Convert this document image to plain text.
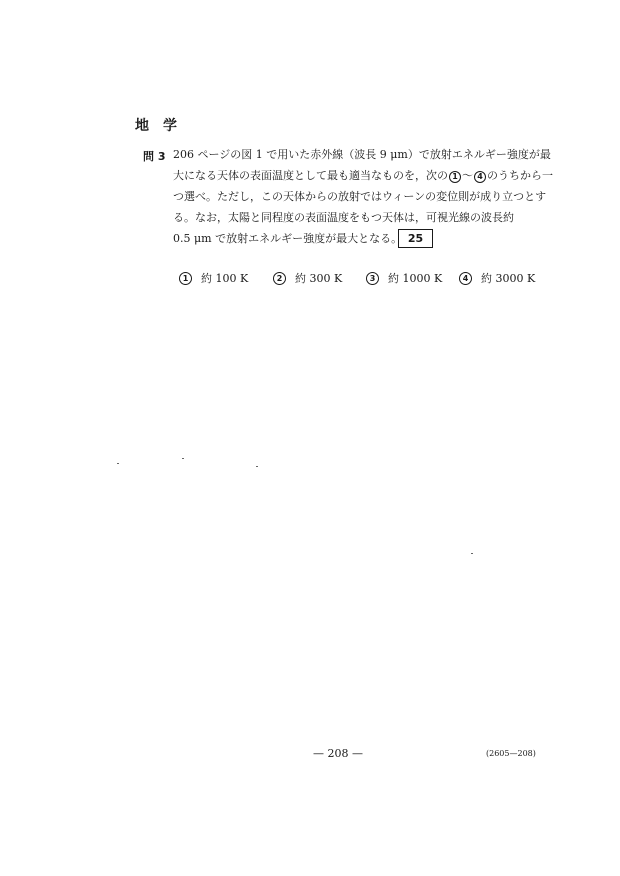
地　学
問 3 206 ページの図 1 で用いた赤外線（波長 9 μm）で放射エネルギー強度が最
大になる天体の表面温度として最も適当なものを，次の 1 ～ 4 のうちから一
つ選べ。ただし，この天体からの放射ではウィーンの変位則が成り立つとす
る。なお，太陽と同程度の表面温度をもつ天体は，可視光線の波長約
0.5 μm で放射エネルギー強度が最大となる。 25
1	約 100 K	2	約 300 K	3	約 1000 K	4	約 3000 K
— 208 —	(2605—208)
